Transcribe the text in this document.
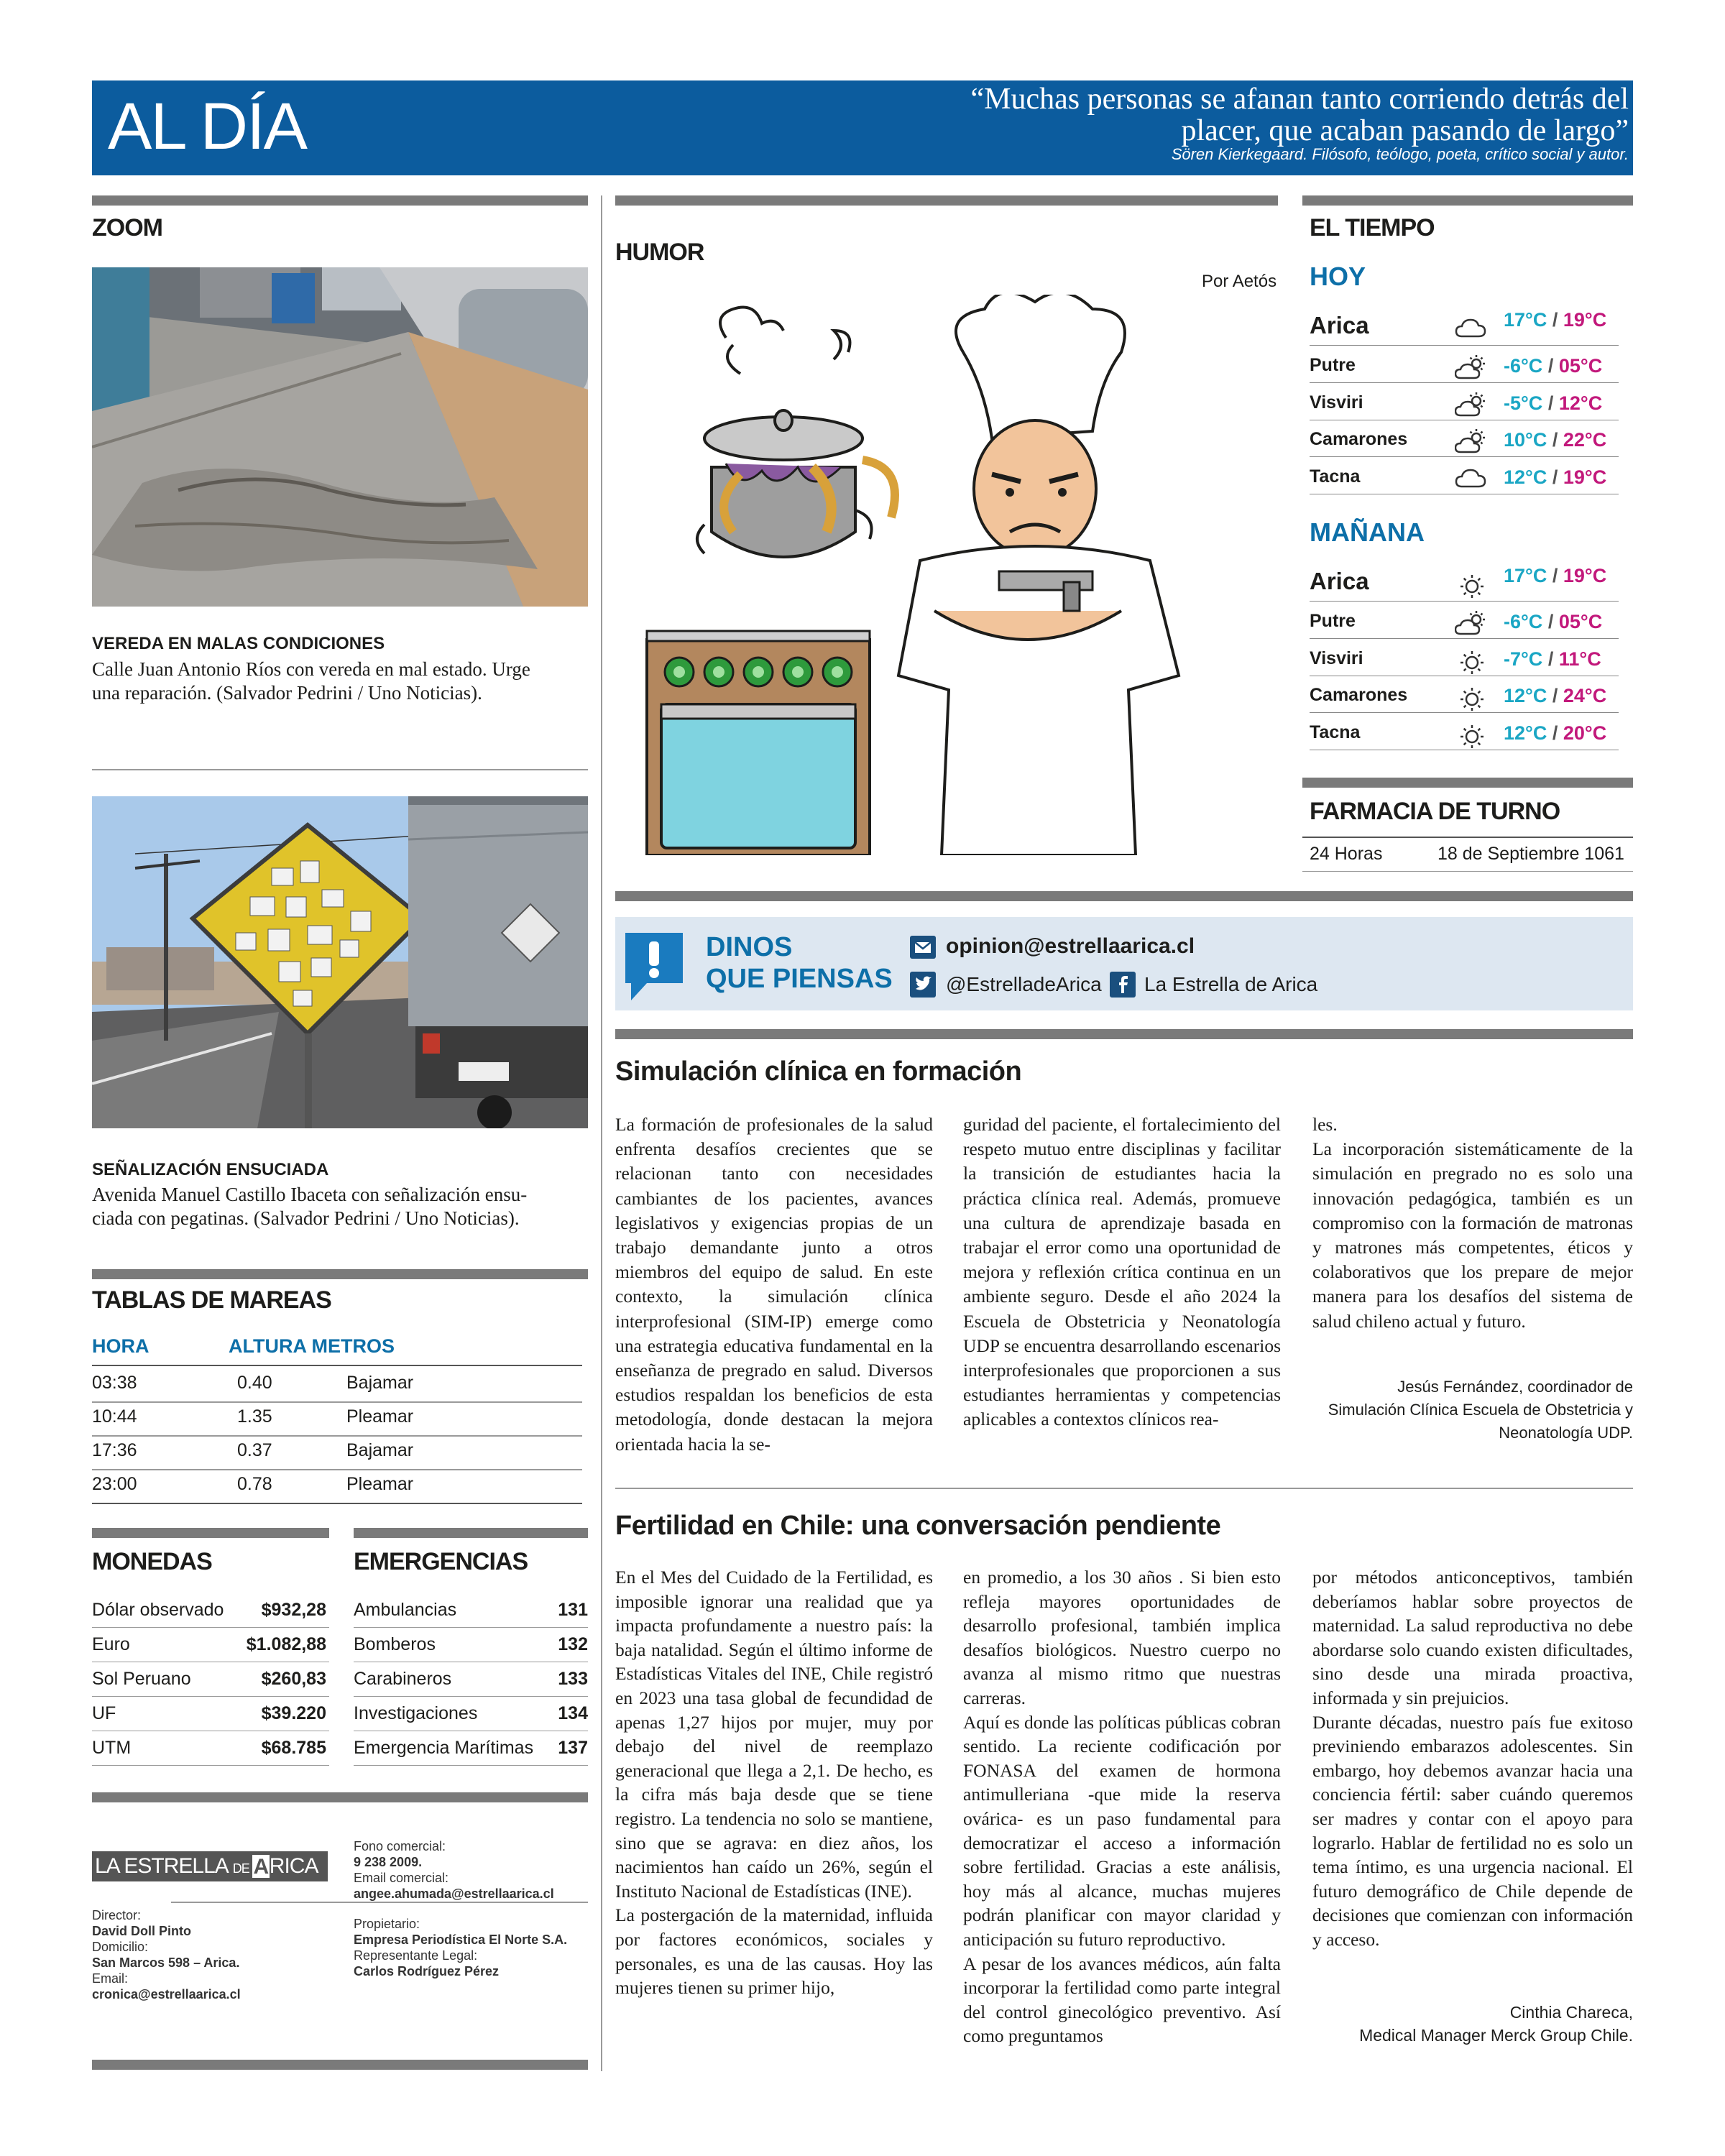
AL DÍA	“Muchas personas se afanan tanto corriendo detrás del
placer, que acaban pasando de largo”
Sören Kierkegaard. Filósofo, teólogo, poeta, crítico social y autor.
ZOOM
VEREDA EN MALAS CONDICIONES
Calle Juan Antonio Ríos con vereda en mal estado. Urge
una reparación. (Salvador Pedrini / Uno Noticias).
SEÑALIZACIÓN ENSUCIADA
Avenida Manuel Castillo Ibaceta con señalización ensu-
ciada con pegatinas. (Salvador Pedrini / Uno Noticias).
TABLAS DE MAREAS
HORA	ALTURA METROS
03:38	0.40	Bajamar
10:44	1.35	Pleamar
17:36	0.37	Bajamar
23:00	0.78	Pleamar
MONEDAS	EMERGENCIAS
Dólar observado	$932,28
Euro	$1.082,88
Sol Peruano	$260,83
UF	$39.220
UTM	$68.785
Ambulancias	131
Bomberos	132
Carabineros	133
Investigaciones	134
Emergencia Marítimas	137
LA ESTRELLA DE A RICA
Director:
David Doll Pinto
Domicilio:
San Marcos 598 – Arica.
Email:
cronica@estrellaarica.cl
Fono comercial:
9 238 2009.
Email comercial:
angee.ahumada@estrellaarica.cl
Propietario:
Empresa Periodística El Norte S.A.
Representante Legal:
Carlos Rodríguez Pérez
HUMOR
Por Aetós
EL TIEMPO
HOY
MAÑANA
Arica	17°C / 19°C
Putre	-6°C / 05°C
Visviri	-5°C / 12°C
Camarones	10°C / 22°C
Tacna	12°C / 19°C
Arica	17°C / 19°C
Putre	-6°C / 05°C
Visviri	-7°C / 11°C
Camarones	12°C / 24°C
Tacna	12°C / 20°C
FARMACIA DE TURNO
24 Horas	18 de Septiembre 1061
DINOS
QUE PIENSAS
opinion@estrellaarica.cl
@EstrelladeArica La Estrella de Arica
Simulación clínica en formación

La formación de profesionales de la salud enfrenta desafíos crecientes que se relacionan tanto con necesidades cambiantes de los pacientes, avances legislativos y exigencias propias de un trabajo demandante junto a otros miembros del equipo de salud. En este contexto, la simulación clínica interprofesional (SIM-IP) emerge como una estrategia educativa fundamental en la enseñanza de pregrado en salud. Diversos estudios respaldan los beneficios de esta metodología, donde destacan la mejora orientada hacia la se-

guridad del paciente, el fortalecimiento del respeto mutuo entre disciplinas y facilitar la transición de estudiantes hacia la práctica clínica real. Además, promueve una cultura de aprendizaje basada en trabajar el error como una oportunidad de mejora y reflexión crítica continua en un ambiente seguro. Desde el año 2024 la Escuela de Obstetricia y Neonatología UDP se encuentra desarrollando escenarios interprofesionales que proporcionen a sus estudiantes herramientas y competencias aplicables a contextos clínicos rea-

les.

La incorporación sistemáticamente de la simulación en pregrado no es solo una innovación pedagógica, también es un compromiso con la formación de matronas y matrones más competentes, éticos y colaborativos que los prepare de mejor manera para los desafíos del sistema de salud chileno actual y futuro.

Jesús Fernández, coordinador de
Simulación Clínica Escuela de Obstetricia y
Neonatología UDP.
Fertilidad en Chile: una conversación pendiente

En el Mes del Cuidado de la Fertilidad, es imposible ignorar una realidad que ya impacta profundamente a nuestro país: la baja natalidad. Según el último informe de Estadísticas Vitales del INE, Chile registró en 2023 una tasa global de fecundidad de apenas 1,27 hijos por mujer, muy por debajo del nivel de reemplazo generacional que llega a 2,1. De hecho, es la cifra más baja desde que se tiene registro. La tendencia no solo se mantiene, sino que se agrava: en diez años, los nacimientos han caído un 26%, según el Instituto Nacional de Estadísticas (INE).

La postergación de la maternidad, influida por factores económicos, sociales y personales, es una de las causas. Hoy las mujeres tienen su primer hijo,

en promedio, a los 30 años . Si bien esto refleja mayores oportunidades de desarrollo profesional, también implica desafíos biológicos. Nuestro cuerpo no avanza al mismo ritmo que nuestras carreras.

Aquí es donde las políticas públicas cobran sentido. La reciente codificación por FONASA del examen de hormona antimulleriana -que mide la reserva ovárica- es un paso fundamental para democratizar el acceso a información sobre fertilidad. Gracias a este análisis, hoy más al alcance, muchas mujeres podrán planificar con mayor claridad y anticipación su futuro reproductivo.

A pesar de los avances médicos, aún falta incorporar la fertilidad como parte integral del control ginecológico preventivo. Así como preguntamos

por métodos anticonceptivos, también deberíamos hablar sobre proyectos de maternidad. La salud reproductiva no debe abordarse solo cuando existen dificultades, sino desde una mirada proactiva, informada y sin prejuicios.

Durante décadas, nuestro país fue exitoso previniendo embarazos adolescentes. Sin embargo, hoy debemos avanzar hacia una conciencia fértil: saber cuándo queremos ser madres y contar con el apoyo para lograrlo. Hablar de fertilidad no es solo un tema íntimo, es una urgencia nacional. El futuro demográfico de Chile depende de decisiones que comienzan con información y acceso.

Cinthia Chareca,
Medical Manager Merck Group Chile.
